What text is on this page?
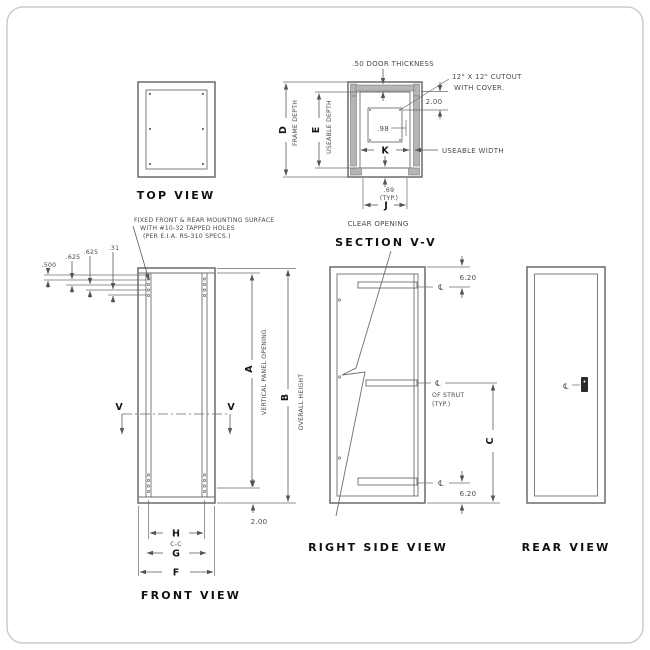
TOP VIEW
.98
.50 DOOR THICKNESS
12" X 12" CUTOUT
WITH COVER.
2.00
K	USEABLE WIDTH
.69
(TYP.)
J
CLEAR OPENING
D FRAME DEPTH E USEABLE DEPTH
SECTION V-V
FIXED FRONT & REAR MOUNTING SURFACE
WITH #10-32 TAPPED HOLES
(PER E.I.A. RS-310 SPECS.)
.500
.625
.625
.31
V	V
A VERTICAL PANEL OPENING B OVERALL HEIGHT
2.00
H
C-C
G
F
FRONT VIEW
℄
6.20
℄
OF STRUT
(TYP.)
C
℄
6.20
RIGHT SIDE VIEW
℄
REAR VIEW
